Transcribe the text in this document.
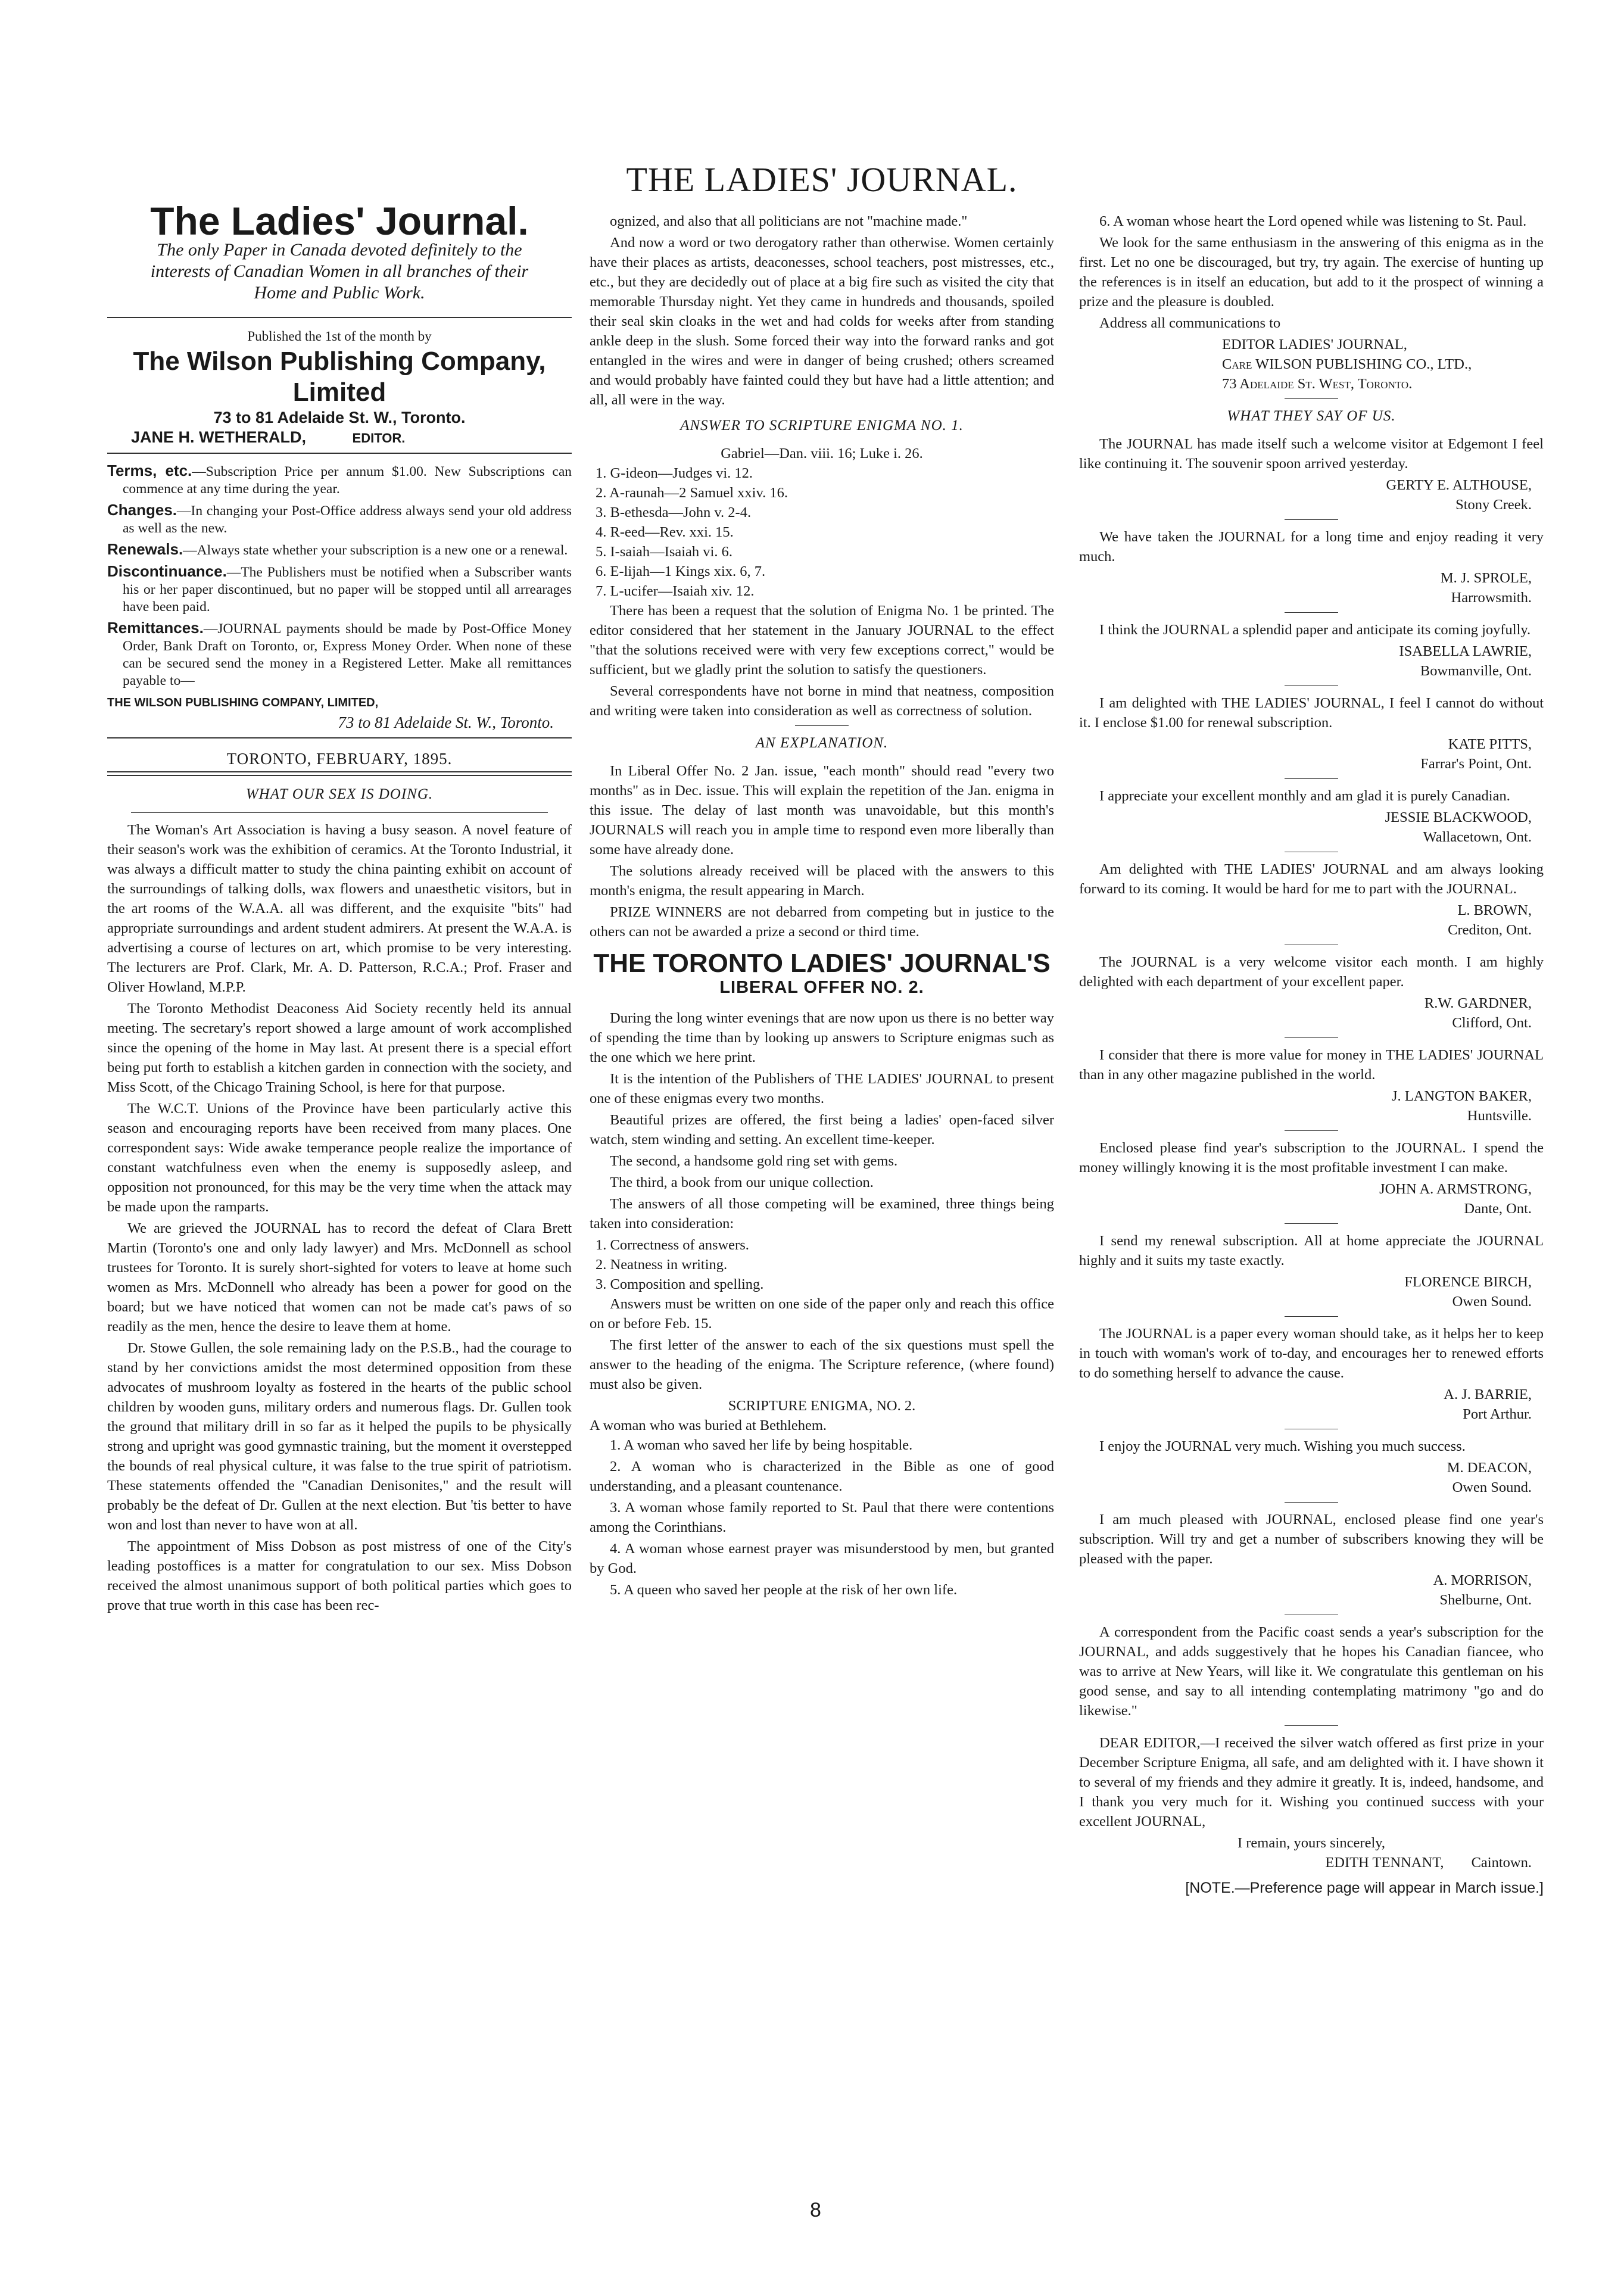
THE LADIES' JOURNAL.
The Ladies' Journal.
The only Paper in Canada devoted definitely to the interests of Canadian Women in all branches of their Home and Public Work.
Published the 1st of the month by
The Wilson Publishing Company, Limited
73 to 81 Adelaide St. W., Toronto.
JANE H. WETHERALD,	EDITOR.
Terms, etc.—Subscription Price per annum $1.00. New Subscriptions can commence at any time during the year.
Changes.—In changing your Post-Office address always send your old address as well as the new.
Renewals.—Always state whether your subscription is a new one or a renewal.
Discontinuance.—The Publishers must be notified when a Subscriber wants his or her paper discontinued, but no paper will be stopped until all arrearages have been paid.
Remittances.—JOURNAL payments should be made by Post-Office Money Order, Bank Draft on Toronto, or, Express Money Order. When none of these can be secured send the money in a Registered Letter. Make all remittances payable to—
THE WILSON PUBLISHING COMPANY, LIMITED,
73 to 81 Adelaide St. W., Toronto.
TORONTO, FEBRUARY, 1895.
WHAT OUR SEX IS DOING.

The Woman's Art Association is having a busy season. A novel feature of their season's work was the exhibition of ceramics. At the Toronto Industrial, it was always a difficult matter to study the china painting exhibit on account of the surroundings of talking dolls, wax flowers and unaesthetic visitors, but in the art rooms of the W.A.A. all was different, and the exquisite "bits" had appropriate surroundings and ardent student admirers. At present the W.A.A. is advertising a course of lectures on art, which promise to be very interesting. The lecturers are Prof. Clark, Mr. A. D. Patterson, R.C.A.; Prof. Fraser and Oliver Howland, M.P.P.

The Toronto Methodist Deaconess Aid Society recently held its annual meeting. The secretary's report showed a large amount of work accomplished since the opening of the home in May last. At present there is a special effort being put forth to establish a kitchen garden in connection with the society, and Miss Scott, of the Chicago Training School, is here for that purpose.

The W.C.T. Unions of the Province have been particularly active this season and encouraging reports have been received from many places. One correspondent says: Wide awake temperance people realize the importance of constant watchfulness even when the enemy is supposedly asleep, and opposition not pronounced, for this may be the very time when the attack may be made upon the ramparts.

We are grieved the JOURNAL has to record the defeat of Clara Brett Martin (Toronto's one and only lady lawyer) and Mrs. McDonnell as school trustees for Toronto. It is surely short-sighted for voters to leave at home such women as Mrs. McDonnell who already has been a power for good on the board; but we have noticed that women can not be made cat's paws of so readily as the men, hence the desire to leave them at home.

Dr. Stowe Gullen, the sole remaining lady on the P.S.B., had the courage to stand by her convictions amidst the most determined opposition from these advocates of mushroom loyalty as fostered in the hearts of the public school children by wooden guns, military orders and numerous flags. Dr. Gullen took the ground that military drill in so far as it helped the pupils to be physically strong and upright was good gymnastic training, but the moment it overstepped the bounds of real physical culture, it was false to the true spirit of patriotism. These statements offended the "Canadian Denisonites," and the result will probably be the defeat of Dr. Gullen at the next election. But 'tis better to have won and lost than never to have won at all.

The appointment of Miss Dobson as post mistress of one of the City's leading postoffices is a matter for congratulation to our sex. Miss Dobson received the almost unanimous support of both political parties which goes to prove that true worth in this case has been rec-

ognized, and also that all politicians are not "machine made."

And now a word or two derogatory rather than otherwise. Women certainly have their places as artists, deaconesses, school teachers, post mistresses, etc., etc., but they are decidedly out of place at a big fire such as visited the city that memorable Thursday night. Yet they came in hundreds and thousands, spoiled their seal skin cloaks in the wet and had colds for weeks after from standing ankle deep in the slush. Some forced their way into the forward ranks and got entangled in the wires and were in danger of being crushed; others screamed and would probably have fainted could they but have had a little attention; and all, all were in the way.

ANSWER TO SCRIPTURE ENIGMA NO. 1.
Gabriel—Dan. viii. 16; Luke i. 26.
1. G-ideon—Judges vi. 12.
2. A-raunah—2 Samuel xxiv. 16.
3. B-ethesda—John v. 2-4.
4. R-eed—Rev. xxi. 15.
5. I-saiah—Isaiah vi. 6.
6. E-lijah—1 Kings xix. 6, 7.
7. L-ucifer—Isaiah xiv. 12.

There has been a request that the solution of Enigma No. 1 be printed. The editor considered that her statement in the January JOURNAL to the effect "that the solutions received were with very few exceptions correct," would be sufficient, but we gladly print the solution to satisfy the questioners.

Several correspondents have not borne in mind that neatness, composition and writing were taken into consideration as well as correctness of solution.

AN EXPLANATION.

In Liberal Offer No. 2 Jan. issue, "each month" should read "every two months" as in Dec. issue. This will explain the repetition of the Jan. enigma in this issue. The delay of last month was unavoidable, but this month's JOURNALS will reach you in ample time to respond even more liberally than some have already done.

The solutions already received will be placed with the answers to this month's enigma, the result appearing in March.

PRIZE WINNERS are not debarred from competing but in justice to the others can not be awarded a prize a second or third time.

THE TORONTO LADIES' JOURNAL'S
LIBERAL OFFER NO. 2.

During the long winter evenings that are now upon us there is no better way of spending the time than by looking up answers to Scripture enigmas such as the one which we here print.

It is the intention of the Publishers of THE LADIES' JOURNAL to present one of these enigmas every two months.

Beautiful prizes are offered, the first being a ladies' open-faced silver watch, stem winding and setting. An excellent time-keeper.

The second, a handsome gold ring set with gems.

The third, a book from our unique collection.

The answers of all those competing will be examined, three things being taken into consideration:

1. Correctness of answers.
2. Neatness in writing.
3. Composition and spelling.

Answers must be written on one side of the paper only and reach this office on or before Feb. 15.

The first letter of the answer to each of the six questions must spell the answer to the heading of the enigma. The Scripture reference, (where found) must also be given.

SCRIPTURE ENIGMA, NO. 2.
A woman who was buried at Bethlehem.

1. A woman who saved her life by being hospitable.

2. A woman who is characterized in the Bible as one of good understanding, and a pleasant countenance.

3. A woman whose family reported to St. Paul that there were contentions among the Corinthians.

4. A woman whose earnest prayer was misunderstood by men, but granted by God.

5. A queen who saved her people at the risk of her own life.

6. A woman whose heart the Lord opened while was listening to St. Paul.

We look for the same enthusiasm in the answering of this enigma as in the first. Let no one be discouraged, but try, try again. The exercise of hunting up the references is in itself an education, but add to it the prospect of winning a prize and the pleasure is doubled.

Address all communications to

EDITOR LADIES' JOURNAL,
Care WILSON PUBLISHING CO., LTD.,
73 Adelaide St. West, Toronto.
WHAT THEY SAY OF US.

The JOURNAL has made itself such a welcome visitor at Edgemont I feel like continuing it. The souvenir spoon arrived yesterday.

GERTY E. ALTHOUSE,
Stony Creek.

We have taken the JOURNAL for a long time and enjoy reading it very much.

M. J. SPROLE,
Harrowsmith.

I think the JOURNAL a splendid paper and anticipate its coming joyfully.

ISABELLA LAWRIE,
Bowmanville, Ont.

I am delighted with THE LADIES' JOURNAL, I feel I cannot do without it. I enclose $1.00 for renewal subscription.

KATE PITTS,
Farrar's Point, Ont.

I appreciate your excellent monthly and am glad it is purely Canadian.

JESSIE BLACKWOOD,
Wallacetown, Ont.

Am delighted with THE LADIES' JOURNAL and am always looking forward to its coming. It would be hard for me to part with the JOURNAL.

L. BROWN,
Crediton, Ont.

The JOURNAL is a very welcome visitor each month. I am highly delighted with each department of your excellent paper.

R.W. GARDNER,
Clifford, Ont.

I consider that there is more value for money in THE LADIES' JOURNAL than in any other magazine published in the world.

J. LANGTON BAKER,
Huntsville.

Enclosed please find year's subscription to the JOURNAL. I spend the money willingly knowing it is the most profitable investment I can make.

JOHN A. ARMSTRONG,
Dante, Ont.

I send my renewal subscription. All at home appreciate the JOURNAL highly and it suits my taste exactly.

FLORENCE BIRCH,
Owen Sound.

The JOURNAL is a paper every woman should take, as it helps her to keep in touch with woman's work of to-day, and encourages her to renewed efforts to do something herself to advance the cause.

A. J. BARRIE,
Port Arthur.

I enjoy the JOURNAL very much. Wishing you much success.

M. DEACON,
Owen Sound.

I am much pleased with JOURNAL, enclosed please find one year's subscription. Will try and get a number of subscribers knowing they will be pleased with the paper.

A. MORRISON,
Shelburne, Ont.

A correspondent from the Pacific coast sends a year's subscription for the JOURNAL, and adds suggestively that he hopes his Canadian fiancee, who was to arrive at New Years, will like it. We congratulate this gentleman on his good sense, and say to all intending contemplating matrimony "go and do likewise."

DEAR EDITOR,—I received the silver watch offered as first prize in your December Scripture Enigma, all safe, and am delighted with it. I have shown it to several of my friends and they admire it greatly. It is, indeed, handsome, and I thank you very much for it. Wishing you continued success with your excellent JOURNAL,

I remain, yours sincerely,
EDITH TENNANT, Caintown.
[NOTE.—Preference page will appear in March issue.]
8
